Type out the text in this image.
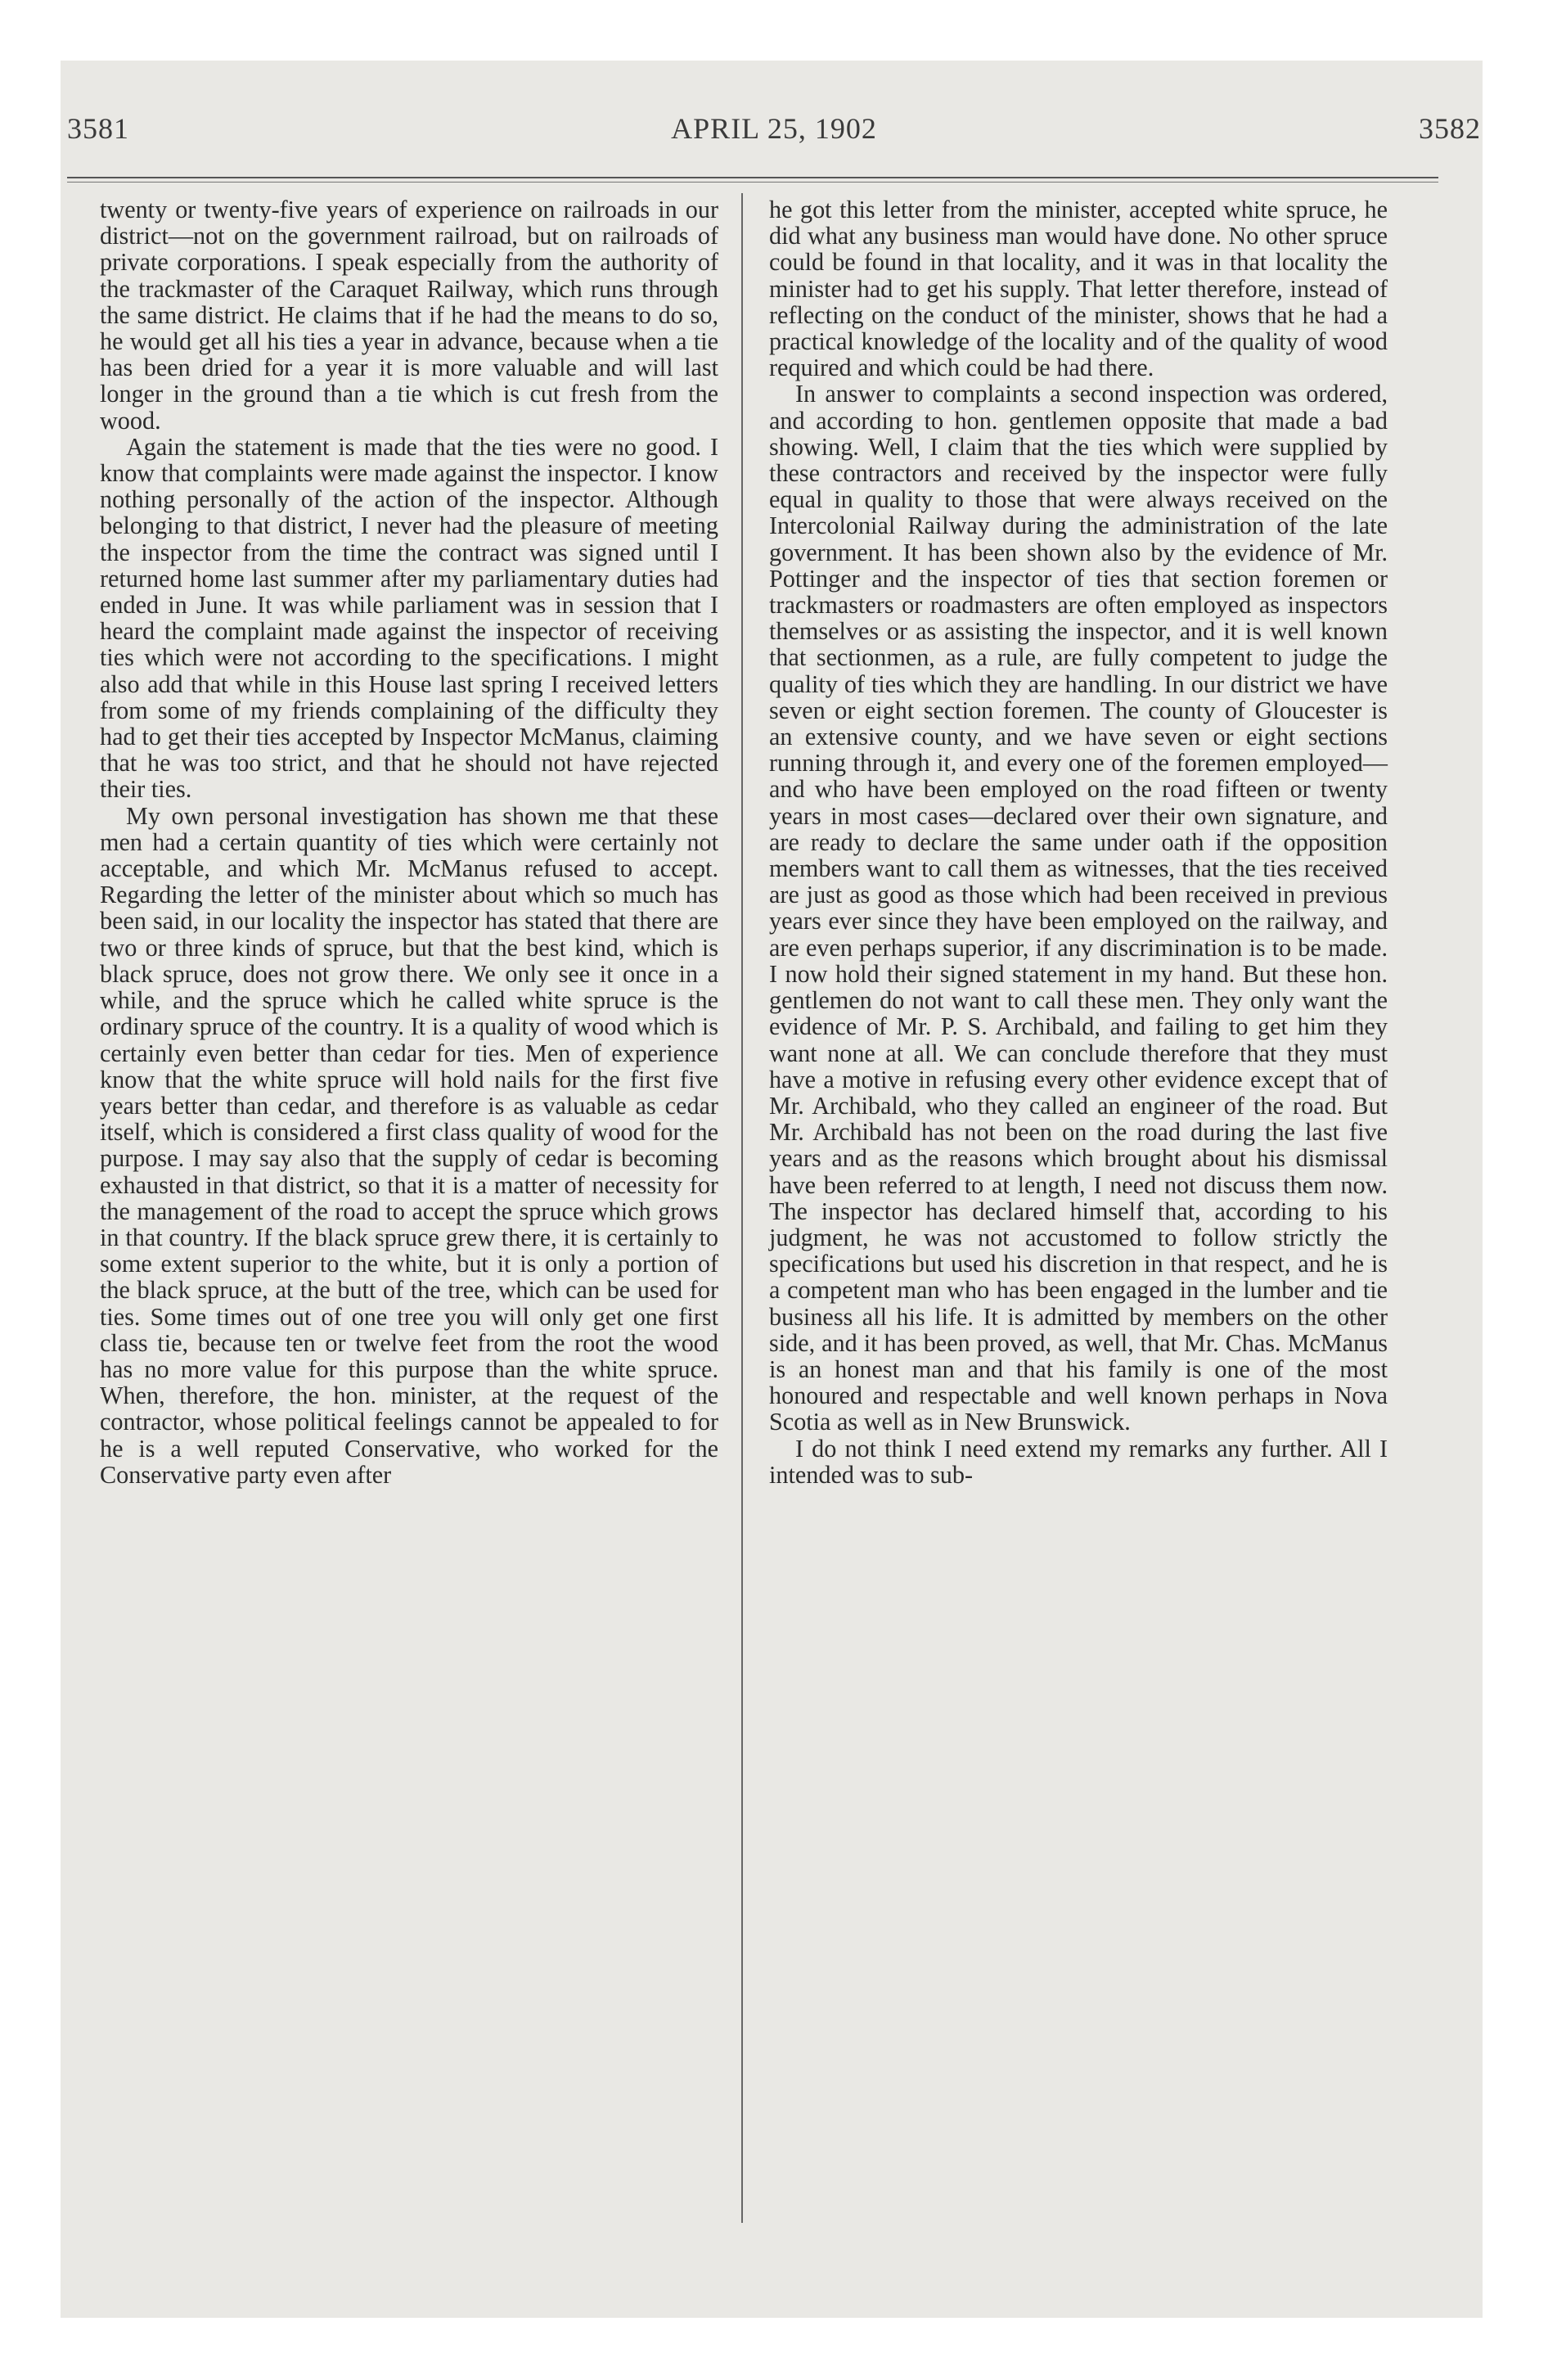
3581	APRIL 25, 1902	3582

twenty or twenty-five years of experience on railroads in our district—not on the government railroad, but on railroads of private corporations. I speak especially from the authority of the trackmaster of the Caraquet Railway, which runs through the same district. He claims that if he had the means to do so, he would get all his ties a year in advance, because when a tie has been dried for a year it is more valuable and will last longer in the ground than a tie which is cut fresh from the wood.

Again the statement is made that the ties were no good. I know that complaints were made against the inspector. I know nothing personally of the action of the inspector. Although belonging to that district, I never had the pleasure of meeting the inspector from the time the contract was signed until I returned home last summer after my parliamentary duties had ended in June. It was while parliament was in session that I heard the complaint made against the inspector of receiving ties which were not according to the specifications. I might also add that while in this House last spring I received letters from some of my friends complaining of the difficulty they had to get their ties accepted by Inspector McManus, claiming that he was too strict, and that he should not have rejected their ties.

My own personal investigation has shown me that these men had a certain quantity of ties which were certainly not acceptable, and which Mr. McManus refused to accept. Regarding the letter of the minister about which so much has been said, in our locality the inspector has stated that there are two or three kinds of spruce, but that the best kind, which is black spruce, does not grow there. We only see it once in a while, and the spruce which he called white spruce is the ordinary spruce of the country. It is a quality of wood which is certainly even better than cedar for ties. Men of experience know that the white spruce will hold nails for the first five years better than cedar, and therefore is as valuable as cedar itself, which is considered a first class quality of wood for the purpose. I may say also that the supply of cedar is becoming exhausted in that district, so that it is a matter of necessity for the management of the road to accept the spruce which grows in that country. If the black spruce grew there, it is certainly to some extent superior to the white, but it is only a portion of the black spruce, at the butt of the tree, which can be used for ties. Some times out of one tree you will only get one first class tie, because ten or twelve feet from the root the wood has no more value for this purpose than the white spruce. When, therefore, the hon. minister, at the request of the contractor, whose political feelings cannot be appealed to for he is a well reputed Conservative, who worked for the Conservative party even after

he got this letter from the minister, accepted white spruce, he did what any business man would have done. No other spruce could be found in that locality, and it was in that locality the minister had to get his supply. That letter therefore, instead of reflecting on the conduct of the minister, shows that he had a practical knowledge of the locality and of the quality of wood required and which could be had there.

In answer to complaints a second inspection was ordered, and according to hon. gentlemen opposite that made a bad showing. Well, I claim that the ties which were supplied by these contractors and received by the inspector were fully equal in quality to those that were always received on the Intercolonial Railway during the administration of the late government. It has been shown also by the evidence of Mr. Pottinger and the inspector of ties that section foremen or trackmasters or roadmasters are often employed as inspectors themselves or as assisting the inspector, and it is well known that sectionmen, as a rule, are fully competent to judge the quality of ties which they are handling. In our district we have seven or eight section foremen. The county of Gloucester is an extensive county, and we have seven or eight sections running through it, and every one of the foremen employed—and who have been employed on the road fifteen or twenty years in most cases—declared over their own signature, and are ready to declare the same under oath if the opposition members want to call them as witnesses, that the ties received are just as good as those which had been received in previous years ever since they have been employed on the railway, and are even perhaps superior, if any discrimination is to be made. I now hold their signed statement in my hand. But these hon. gentlemen do not want to call these men. They only want the evidence of Mr. P. S. Archibald, and failing to get him they want none at all. We can conclude therefore that they must have a motive in refusing every other evidence except that of Mr. Archibald, who they called an engineer of the road. But Mr. Archibald has not been on the road during the last five years and as the reasons which brought about his dismissal have been referred to at length, I need not discuss them now. The inspector has declared himself that, according to his judgment, he was not accustomed to follow strictly the specifications but used his discretion in that respect, and he is a competent man who has been engaged in the lumber and tie business all his life. It is admitted by members on the other side, and it has been proved, as well, that Mr. Chas. McManus is an honest man and that his family is one of the most honoured and respectable and well known perhaps in Nova Scotia as well as in New Brunswick.

I do not think I need extend my remarks any further. All I intended was to sub-
